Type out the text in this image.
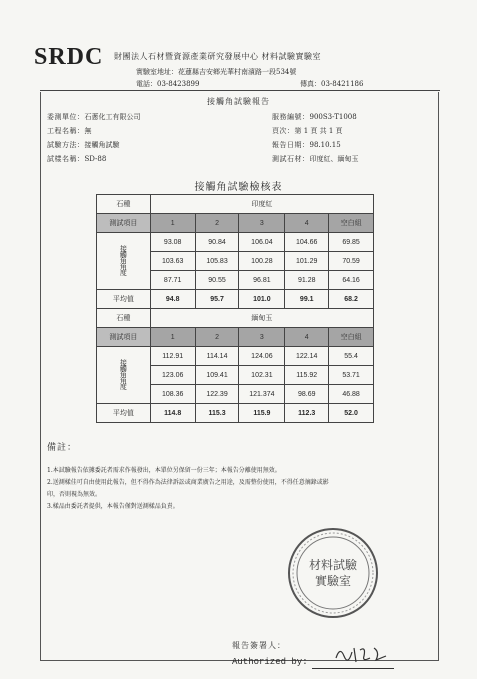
SRDC 財團法人石材暨資源產業研究發展中心 材料試驗實驗室
實驗室地址：花蓮縣吉安鄉光華村南濱路一段534號
電話：03-8423899	傳真：03-8421186
接觸角試驗報告
委測單位：石蔥化工有限公司	服務編號：900S3-T1008
工程名稱：無	頁次：第 1 頁 共 1 頁
試驗方法：接觸角試驗	報告日期：98.10.15
試樣名稱：SD-88	測試石材：印度紅、緬甸玉
接觸角試驗檢核表
石種	印度紅				
測試項目	1	2	3	4	空白組
接觸角角度	93.08	90.84	106.04	104.66	69.85
	103.63	105.83	100.28	101.29	70.59
	87.71	90.55	96.81	91.28	64.16
平均值	94.8	95.7	101.0	99.1	68.2
石種	緬甸玉				
測試項目	1	2	3	4	空白組
接觸角角度	112.91	114.14	124.06	122.14	55.4
	123.06	109.41	102.31	115.92	53.71
	108.36	122.39	121.374	98.69	46.88
平均值	114.8	115.3	115.9	112.3	52.0
備註：
1.本試驗報告依據委託者需求作報發出，本單位另保留一份三年；本報告分離使用無效。
2.送測樣佳可自由使用此報告，但不得作為法律訴訟或商業廣告之用途，及需整份使用，不得任意摘錄或影
印，否則視為無效。
3.樣品由委託者提供，本報告僅對送測樣品負責。
材料試驗
實驗室
報告簽署人：
Authorized by:
